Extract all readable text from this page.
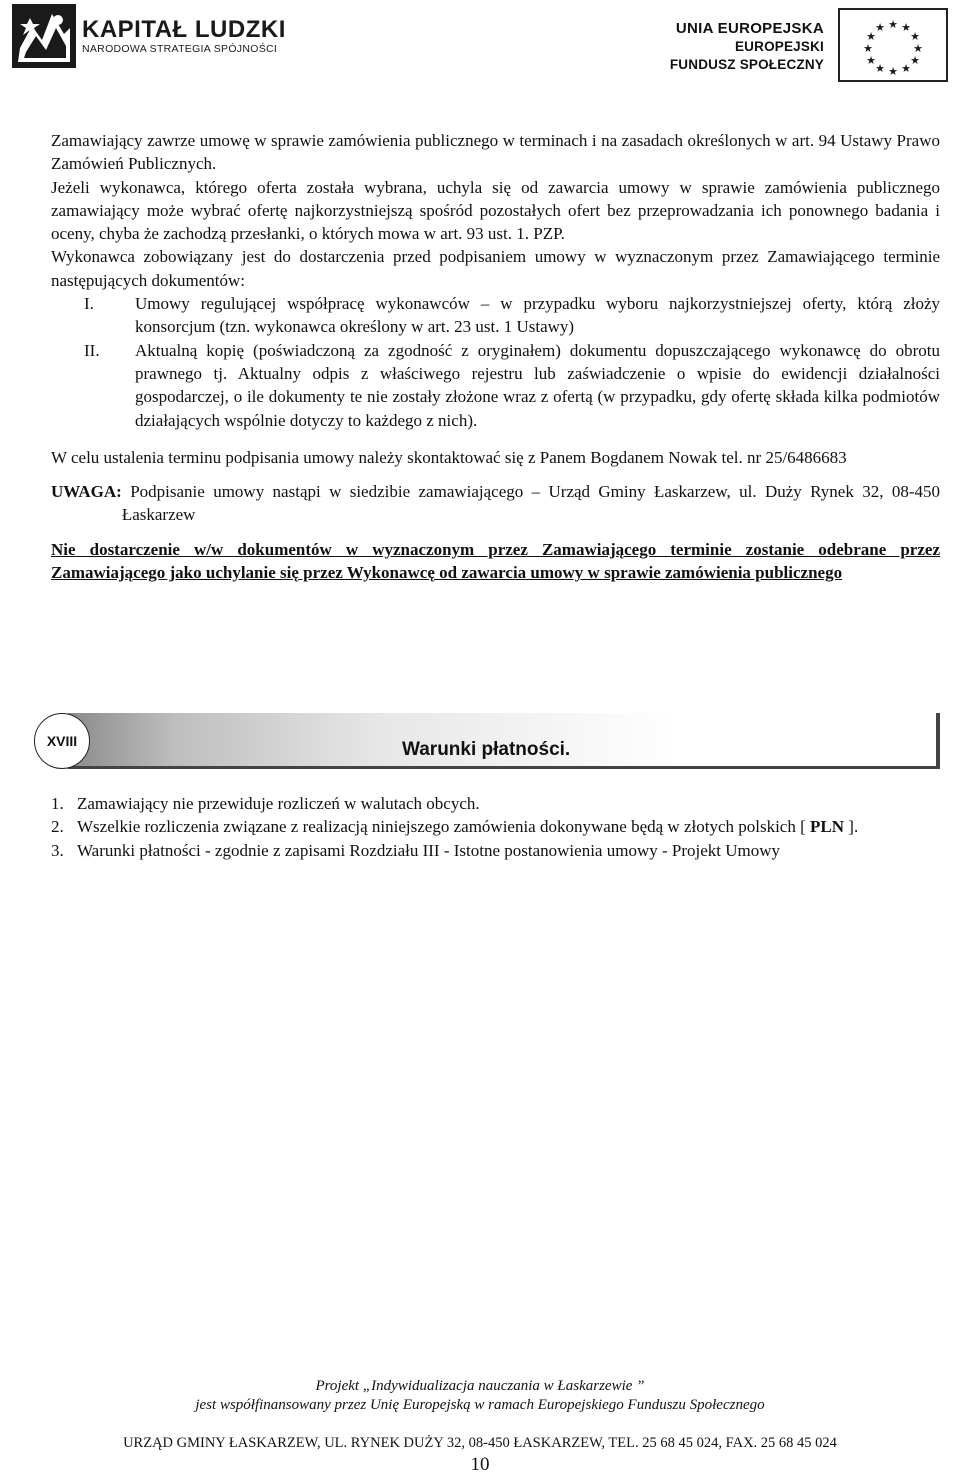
KAPITAŁ LUDZKI
NARODOWA STRATEGIA SPÓJNOŚCI
UNIA EUROPEJSKA
EUROPEJSKI
FUNDUSZ SPOŁECZNY
★ ★
★
★
★
★
★
★
★
★
★
★

Zamawiający zawrze umowę w sprawie zamówienia publicznego w terminach i na zasadach określonych w art. 94 Ustawy Prawo Zamówień Publicznych.

Jeżeli wykonawca, którego oferta została wybrana, uchyla się od zawarcia umowy w sprawie zamówienia publicznego zamawiający może wybrać ofertę najkorzystniejszą spośród pozostałych ofert bez przeprowadzania ich ponownego badania i oceny, chyba że zachodzą przesłanki, o których mowa w art. 93 ust. 1. PZP.

Wykonawca zobowiązany jest do dostarczenia przed podpisaniem umowy w wyznaczonym przez Zamawiającego terminie następujących dokumentów:

I.	Umowy regulującej współpracę wykonawców – w przypadku wyboru najkorzystniejszej oferty, którą złoży konsorcjum (tzn. wykonawca określony w art. 23 ust. 1 Ustawy)
II.	Aktualną kopię (poświadczoną za zgodność z oryginałem) dokumentu dopuszczającego wykonawcę do obrotu prawnego tj. Aktualny odpis z właściwego rejestru lub zaświadczenie o wpisie do ewidencji działalności gospodarczej, o ile dokumenty te nie zostały złożone wraz z ofertą (w przypadku, gdy ofertę składa kilka podmiotów działających wspólnie dotyczy to każdego z nich).

W celu ustalenia terminu podpisania umowy należy skontaktować się z Panem Bogdanem Nowak tel. nr 25/6486683

UWAGA: Podpisanie umowy nastąpi w siedzibie zamawiającego – Urząd Gminy Łaskarzew, ul. Duży Rynek 32, 08-450 Łaskarzew

Nie dostarczenie w/w dokumentów w wyznaczonym przez Zamawiającego terminie zostanie odebrane przez Zamawiającego jako uchylanie się przez Wykonawcę od zawarcia umowy w sprawie zamówienia publicznego

XVIII	Warunki płatności.
1. Zamawiający nie przewiduje rozliczeń w walutach obcych.
2. Wszelkie rozliczenia związane z realizacją niniejszego zamówienia dokonywane będą w złotych polskich [ PLN ].
3. Warunki płatności - zgodnie z zapisami Rozdziału III - Istotne postanowienia umowy - Projekt Umowy
Projekt „Indywidualizacja nauczania w Łaskarzewie ”
jest współfinansowany przez Unię Europejską w ramach Europejskiego Funduszu Społecznego
URZĄD GMINY ŁASKARZEW, UL. RYNEK DUŻY 32, 08-450 ŁASKARZEW, TEL. 25 68 45 024, FAX. 25 68 45 024
10
